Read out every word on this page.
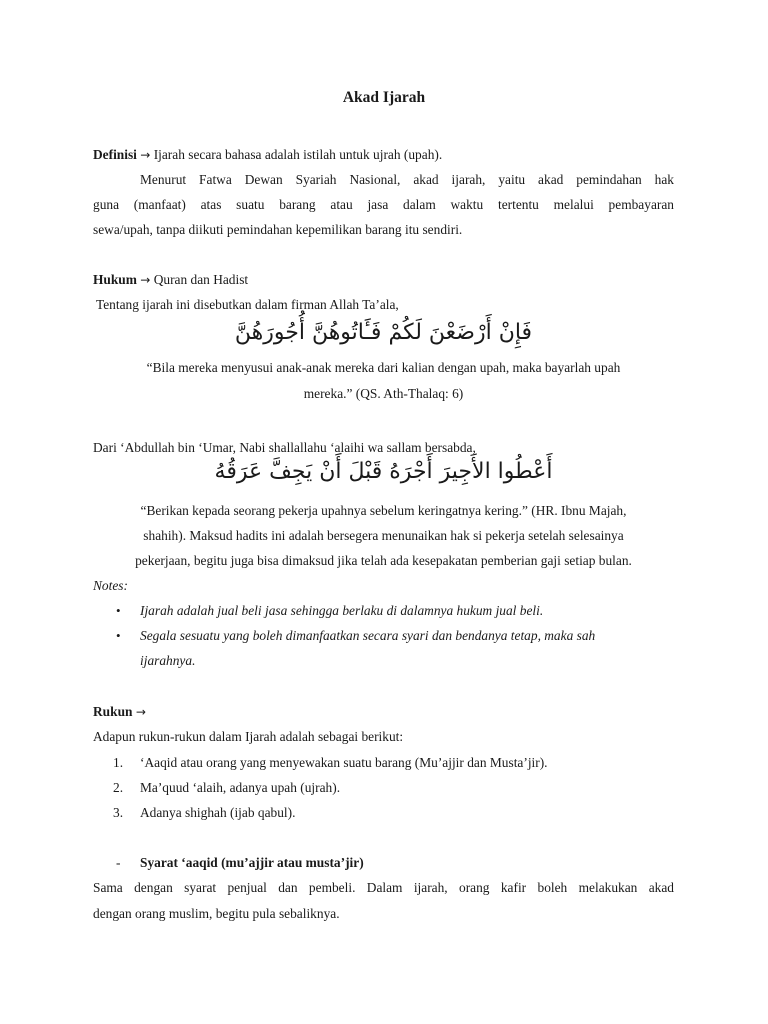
Akad Ijarah
Definisi → Ijarah secara bahasa adalah istilah untuk ujrah (upah).
Menurut Fatwa Dewan Syariah Nasional, akad ijarah, yaitu akad pemindahan hak
guna (manfaat) atas suatu barang atau jasa dalam waktu tertentu melalui pembayaran
sewa/upah, tanpa diikuti pemindahan kepemilikan barang itu sendiri.
Hukum → Quran dan Hadist
Tentang ijarah ini disebutkan dalam firman Allah Ta’ala,
فَإِنْ أَرْضَعْنَ لَكُمْ فَـَٔاتُوهُنَّ أُجُورَهُنَّ
“Bila mereka menyusui anak-anak mereka dari kalian dengan upah, maka bayarlah upah
mereka.” (QS. Ath-Thalaq: 6)
Dari ‘Abdullah bin ‘Umar, Nabi shallallahu ‘alaihi wa sallam bersabda,
أَعْطُوا الأَجِيرَ أَجْرَهُ قَبْلَ أَنْ يَجِفَّ عَرَقُهُ
“Berikan kepada seorang pekerja upahnya sebelum keringatnya kering.” (HR. Ibnu Majah,
shahih). Maksud hadits ini adalah bersegera menunaikan hak si pekerja setelah selesainya
pekerjaan, begitu juga bisa dimaksud jika telah ada kesepakatan pemberian gaji setiap bulan.
Notes:
• Ijarah adalah jual beli jasa sehingga berlaku di dalamnya hukum jual beli.
• Segala sesuatu yang boleh dimanfaatkan secara syari dan bendanya tetap, maka sah
ijarahnya.
Rukun →
Adapun rukun-rukun dalam Ijarah adalah sebagai berikut:
1. ‘Aaqid atau orang yang menyewakan suatu barang (Mu’ajjir dan Musta’jir).
2. Ma’quud ‘alaih, adanya upah (ujrah).
3. Adanya shighah (ijab qabul).
- Syarat ‘aaqid (mu’ajjir atau musta’jir)
Sama dengan syarat penjual dan pembeli. Dalam ijarah, orang kafir boleh melakukan akad
dengan orang muslim, begitu pula sebaliknya.
